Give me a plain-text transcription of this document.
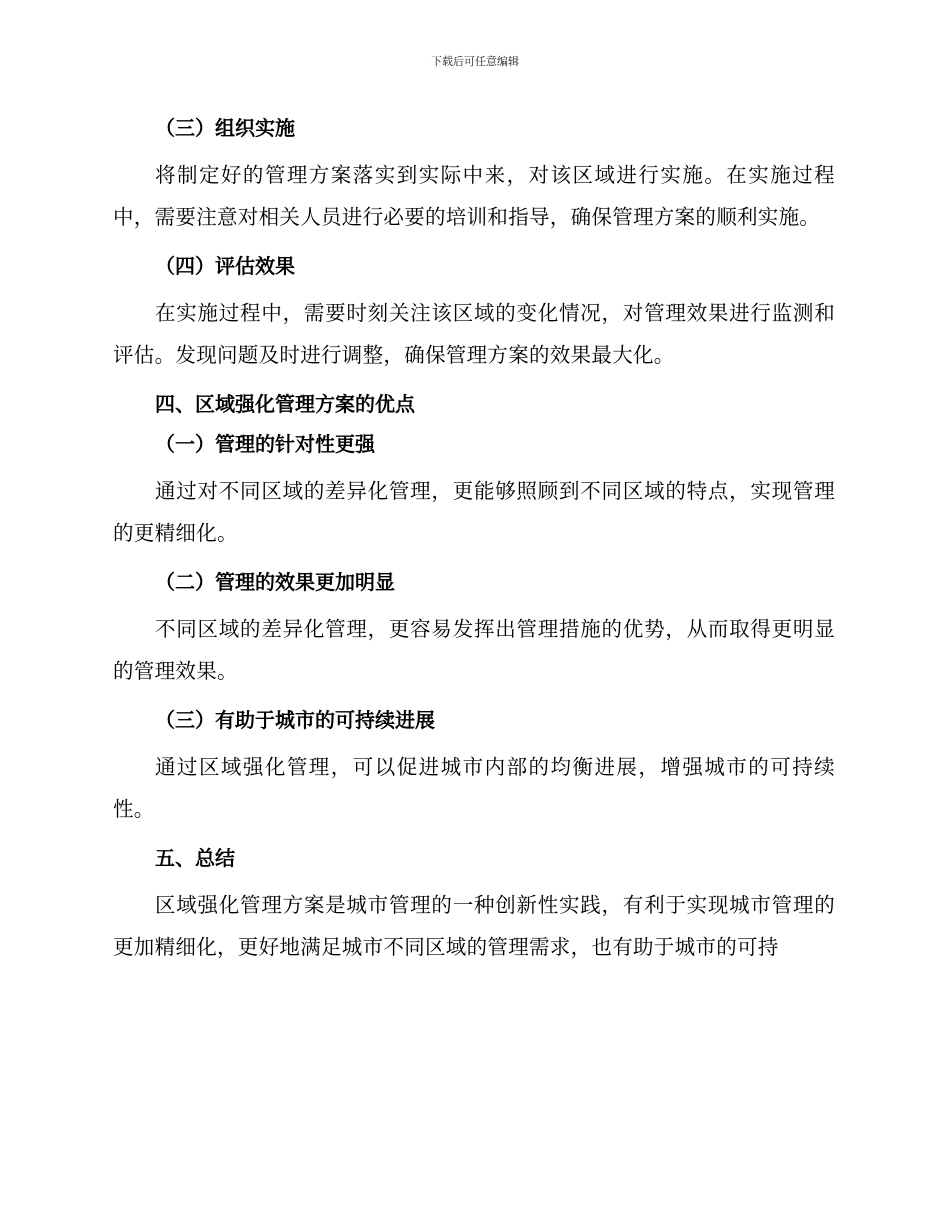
下载后可任意编辑
（三）组织实施

将制定好的管理方案落实到实际中来，对该区域进行实施。在实施过程中，需要注意对相关人员进行必要的培训和指导，确保管理方案的顺利实施。

（四）评估效果

在实施过程中，需要时刻关注该区域的变化情况，对管理效果进行监测和评估。发现问题及时进行调整，确保管理方案的效果最大化。

四、区域强化管理方案的优点
（一）管理的针对性更强

通过对不同区域的差异化管理，更能够照顾到不同区域的特点，实现管理的更精细化。

（二）管理的效果更加明显

不同区域的差异化管理，更容易发挥出管理措施的优势，从而取得更明显的管理效果。

（三）有助于城市的可持续进展

通过区域强化管理，可以促进城市内部的均衡进展，增强城市的可持续性。

五、总结

区域强化管理方案是城市管理的一种创新性实践，有利于实现城市管理的更加精细化，更好地满足城市不同区域的管理需求，也有助于城市的可持
